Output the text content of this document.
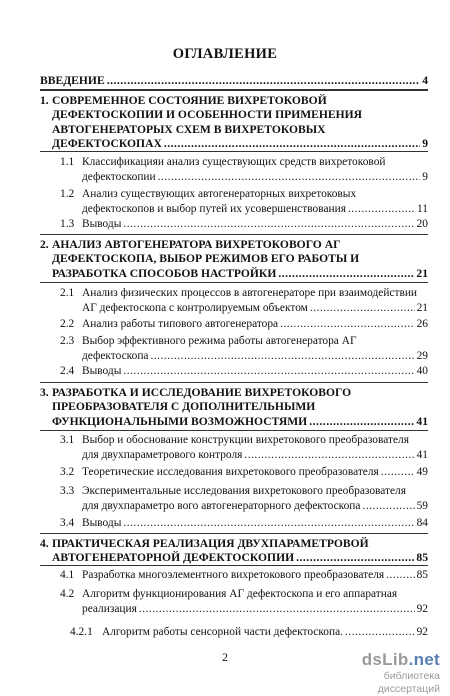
ОГЛАВЛЕНИЕ
ВВЕДЕНИЕ .....	4
1. СОВРЕМЕННОЕ СОСТОЯНИЕ ВИХРЕТОКОВОЙ
ДЕФЕКТОСКОПИИ И ОСОБЕННОСТИ ПРИМЕНЕНИЯ
АВТОГЕНЕРАТОРЫХ СХЕМ В ВИХРЕТОКОВЫХ
ДЕФЕКТОСКОПАХ .....	9
1.1 Классификацияи анализ существующих средств вихретоковой
дефектоскопии .....	9
1.2 Анализ существующих автогенераторных вихретоковых
дефектоскопов и выбор путей их усовершенствования .....	11
1.3 Выводы .....	20
2. АНАЛИЗ АВТОГЕНЕРАТОРА ВИХРЕТОКОВОГО АГ
ДЕФЕКТОСКОПА, ВЫБОР РЕЖИМОВ ЕГО РАБОТЫ И
РАЗРАБОТКА СПОСОБОВ НАСТРОЙКИ .....	21
2.1 Анализ физических процессов в автогенераторе при взаимодействии
АГ дефектоскопа с контролируемым объектом .....	21
2.2 Анализ работы типового автогенератора .....	26
2.3 Выбор эффективного режима работы автогенератора АГ
дефектоскопа .....	29
2.4 Выводы .....	40
3. РАЗРАБОТКА И ИССЛЕДОВАНИЕ ВИХРЕТОКОВОГО
ПРЕОБРАЗОВАТЕЛЯ С ДОПОЛНИТЕЛЬНЫМИ
ФУНКЦИОНАЛЬНЫМИ ВОЗМОЖНОСТЯМИ .....	41
3.1 Выбор и обоснование конструкции вихретокового преобразователя
для двухпараметрового контроля .....	41
3.2 Теоретические исследования вихретокового преобразователя .....	49
3.3 Экспериментальные исследования вихретокового преобразователя
для двухпараметро вого автогенераторного дефектоскопа .....	59
3.4 Выводы .....	84
4. ПРАКТИЧЕСКАЯ РЕАЛИЗАЦИЯ ДВУХПАРАМЕТРОВОЙ
АВТОГЕНЕРАТОРНОЙ ДЕФЕКТОСКОПИИ .....	85
4.1 Разработка многоэлементного вихретокового преобразователя .....	85
4.2 Алгоритм функционирования АГ дефектоскопа и его аппаратная
реализация .....	92
4.2.1 Алгоритм работы сенсорной части дефектоскопа. .....	92
2	dsLib.net
библиотека диссертаций
